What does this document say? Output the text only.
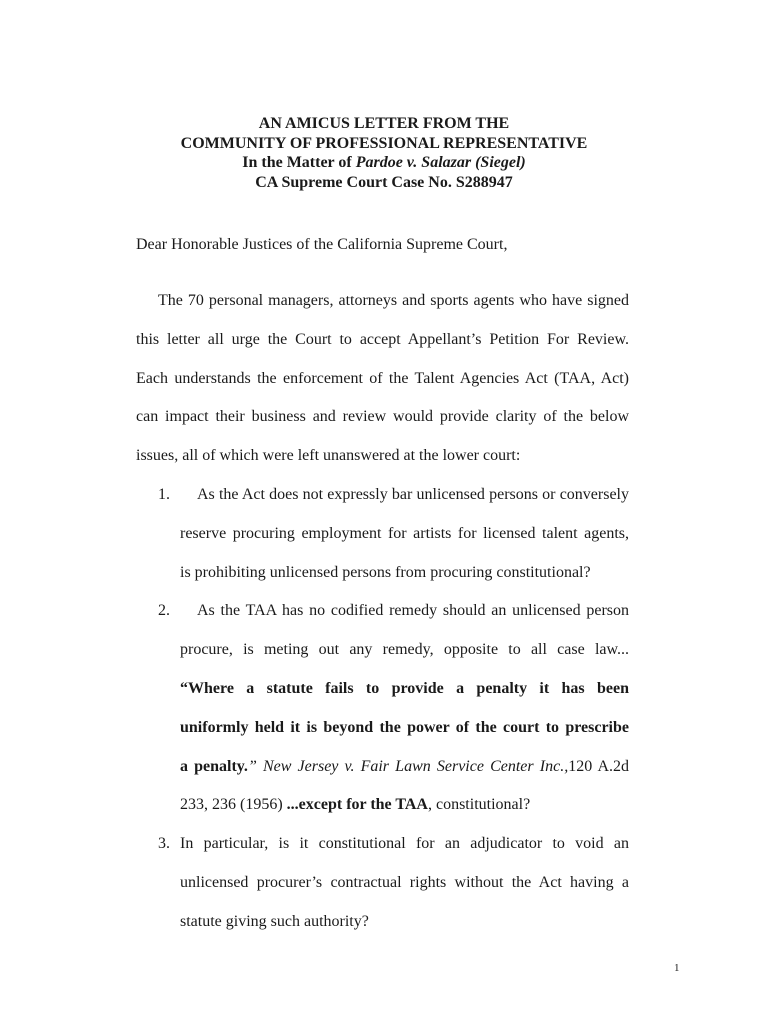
AN AMICUS LETTER FROM THE
COMMUNITY OF PROFESSIONAL REPRESENTATIVE
In the Matter of Pardoe v. Salazar (Siegel)
CA Supreme Court Case No. S288947
Dear Honorable Justices of the California Supreme Court,
The 70 personal managers, attorneys and sports agents who have signed
this letter all urge the Court to accept Appellant’s Petition For Review.
Each understands the enforcement of the Talent Agencies Act (TAA, Act)
can impact their business and review would provide clarity of the below
issues, all of which were left unanswered at the lower court:
1. As the Act does not expressly bar unlicensed persons or conversely
reserve procuring employment for artists for licensed talent agents,
is prohibiting unlicensed persons from procuring constitutional?
2. As the TAA has no codified remedy should an unlicensed person
procure, is meting out any remedy, opposite to all case law...
“Where a statute fails to provide a penalty it has been
uniformly held it is beyond the power of the court to prescribe
a penalty.” New Jersey v. Fair Lawn Service Center Inc.,120 A.2d
233, 236 (1956) ...except for the TAA, constitutional?
3. In particular, is it constitutional for an adjudicator to void an
unlicensed procurer’s contractual rights without the Act having a
statute giving such authority?
1
